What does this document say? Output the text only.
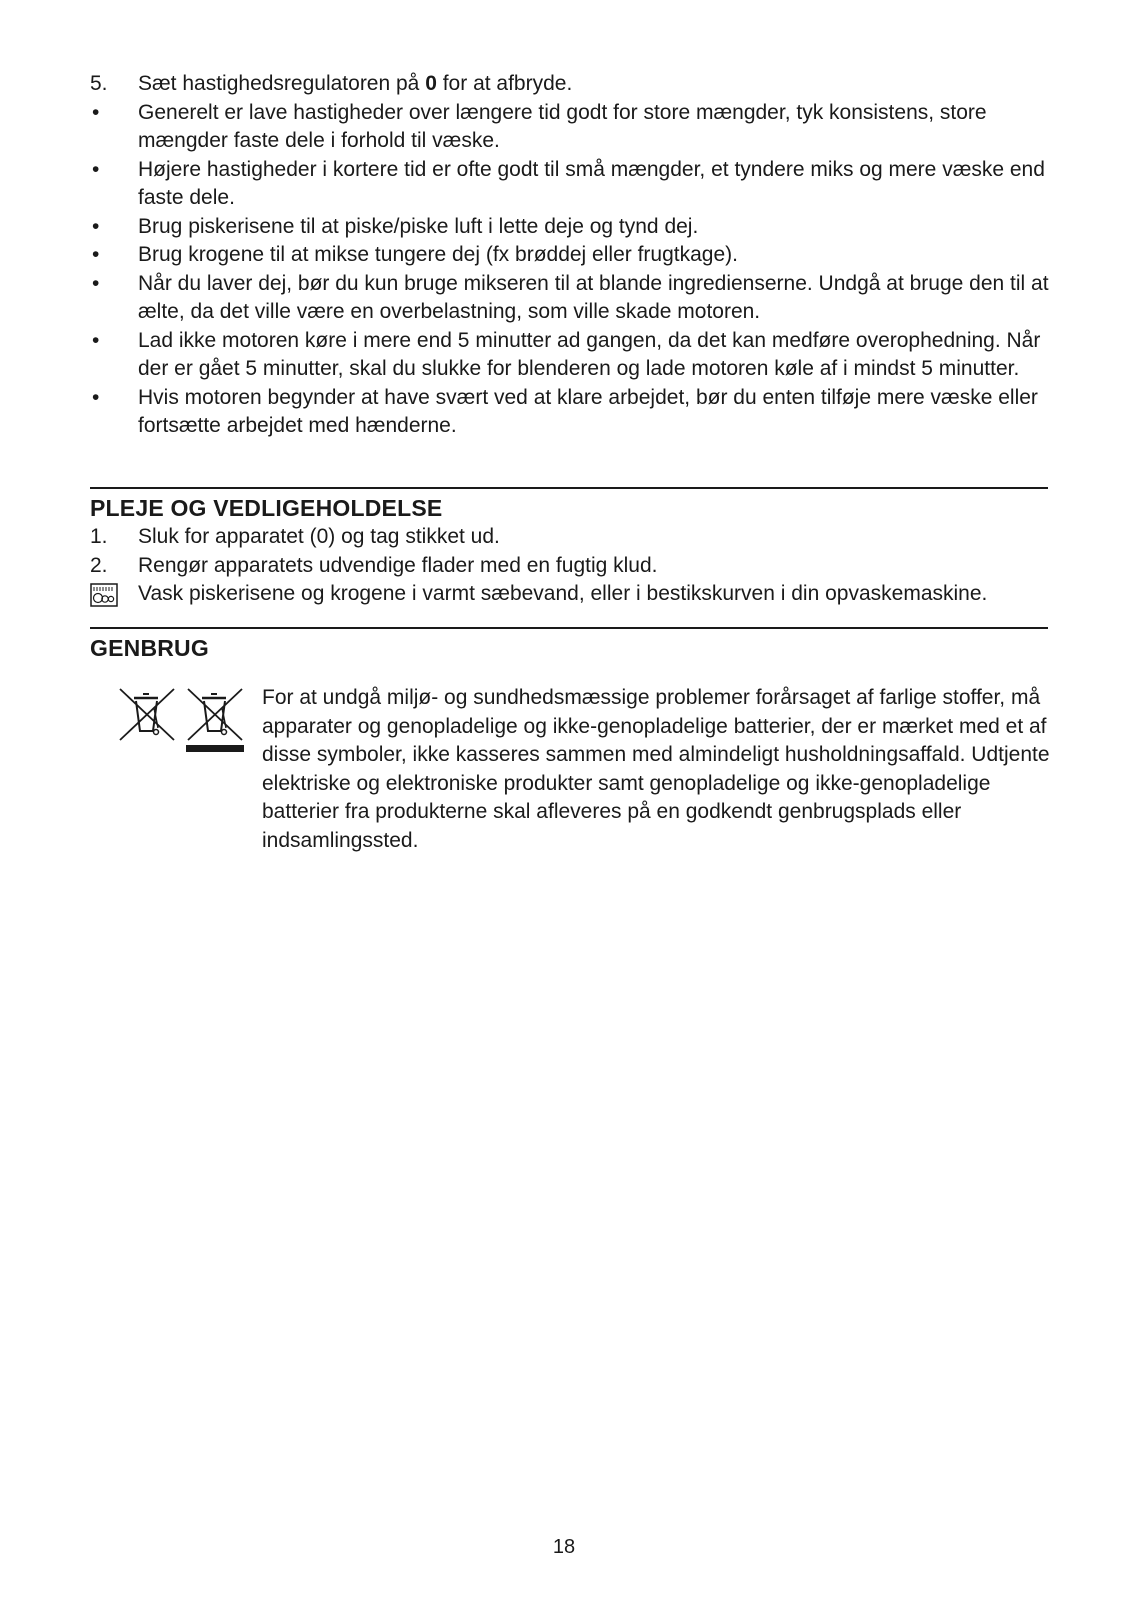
5.	Sæt hastighedsregulatoren på 0 for at afbryde.
•	Generelt er lave hastigheder over længere tid godt for store mængder, tyk konsistens, store mængder faste dele i forhold til væske.
•	Højere hastigheder i kortere tid er ofte godt til små mængder, et tyndere miks og mere væske end faste dele.
•	Brug piskerisene til at piske/piske luft i lette deje og tynd dej.
•	Brug krogene til at mikse tungere dej (fx brøddej eller frugtkage).
•	Når du laver dej, bør du kun bruge mikseren til at blande ingredienserne. Undgå at bruge den til at ælte, da det ville være en overbelastning, som ville skade motoren.
•	Lad ikke motoren køre i mere end 5 minutter ad gangen, da det kan medføre overophedning. Når der er gået 5 minutter, skal du slukke for blenderen og lade motoren køle af i mindst 5 minutter.
•	Hvis motoren begynder at have svært ved at klare arbejdet, bør du enten tilføje mere væske eller fortsætte arbejdet med hænderne.
PLEJE OG VEDLIGEHOLDELSE
1.	Sluk for apparatet (0) og tag stikket ud.
2.	Rengør apparatets udvendige flader med en fugtig klud.
Vask piskerisene og krogene i varmt sæbevand, eller i bestikskurven i din opvaskemaskine.
GENBRUG

For at undgå miljø- og sundhedsmæssige problemer forårsaget af farlige stoffer, må apparater og genopladelige og ikke-genopladelige batterier, der er mærket med et af disse symboler, ikke kasseres sammen med almindeligt husholdningsaffald. Udtjente elektriske og elektroniske produkter samt genopladelige og ikke-genopladelige batterier fra produkterne skal afleveres på en godkendt genbrugsplads eller indsamlingssted.

18
